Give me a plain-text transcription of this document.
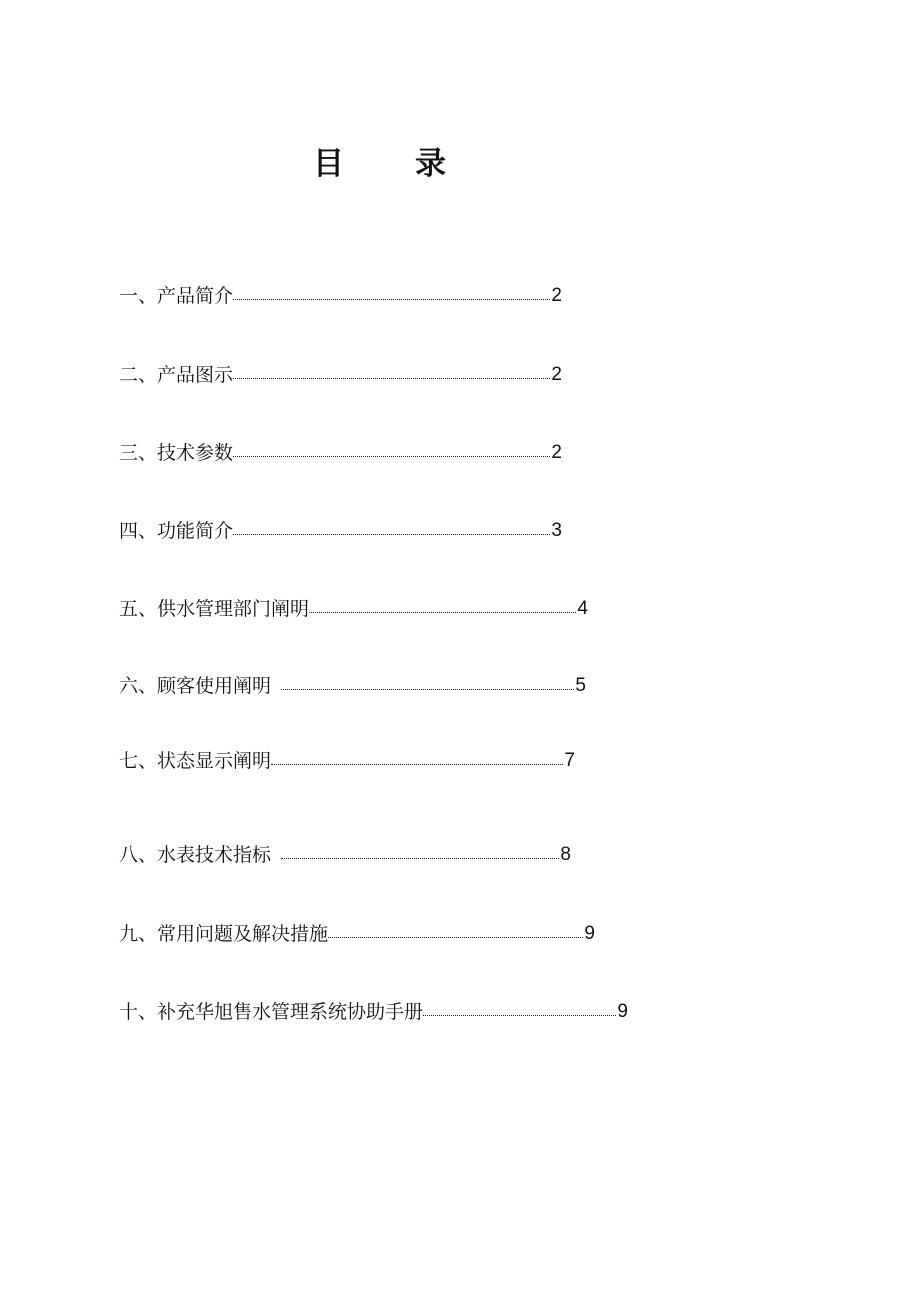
目 录
一、产品简介	2
二、产品图示	2
三、技术参数	2
四、功能简介	3
五、供水管理部门阐明	4
六、顾客使用阐明	5
七、状态显示阐明	7
八、水表技术指标	8
九、常用问题及解决措施	9
十、补充华旭售水管理系统协助手册	9
